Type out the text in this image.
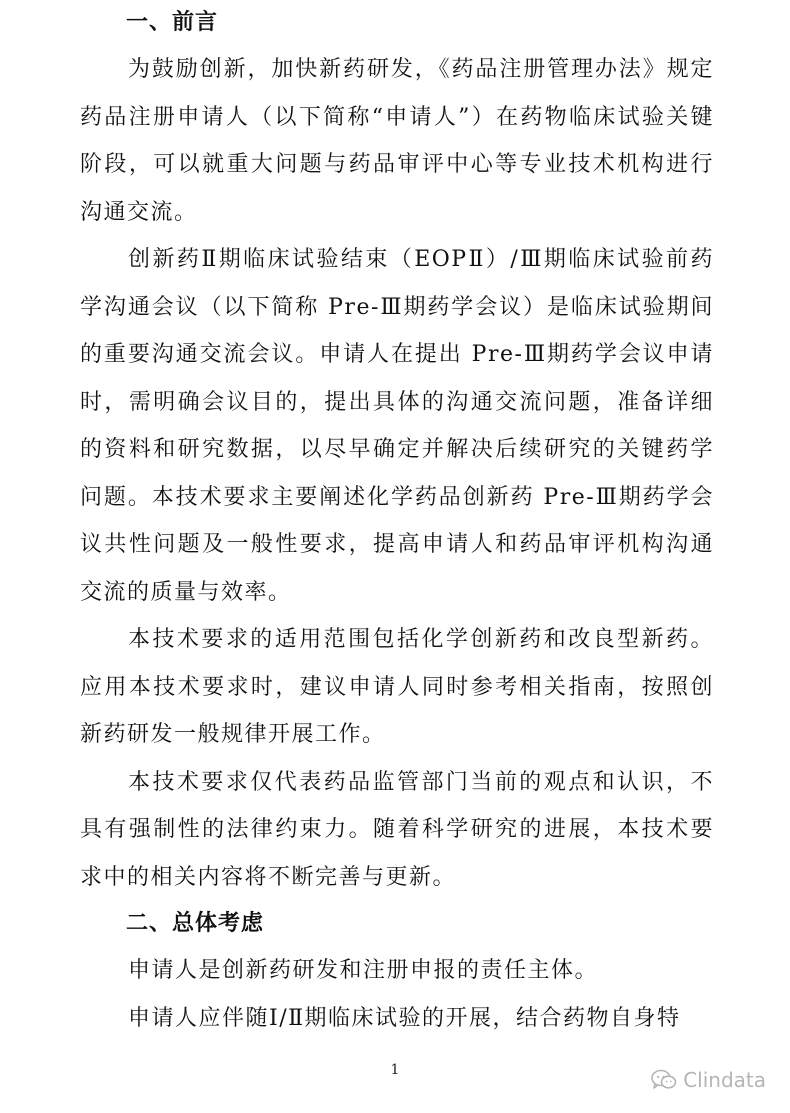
一、前言

为鼓励创新，加快新药研发，《药品注册管理办法》规定药品注册申请人（以下简称“申请人”）在药物临床试验关键阶段，可以就重大问题与药品审评中心等专业技术机构进行沟通交流。

创新药Ⅱ期临床试验结束（EOPⅡ）/Ⅲ期临床试验前药学沟通会议（以下简称 Pre-Ⅲ期药学会议）是临床试验期间的重要沟通交流会议。申请人在提出 Pre-Ⅲ期药学会议申请时，需明确会议目的，提出具体的沟通交流问题，准备详细的资料和研究数据，以尽早确定并解决后续研究的关键药学问题。本技术要求主要阐述化学药品创新药 Pre-Ⅲ期药学会议共性问题及一般性要求，提高申请人和药品审评机构沟通交流的质量与效率。

本技术要求的适用范围包括化学创新药和改良型新药。应用本技术要求时，建议申请人同时参考相关指南，按照创新药研发一般规律开展工作。

本技术要求仅代表药品监管部门当前的观点和认识，不具有强制性的法律约束力。随着科学研究的进展，本技术要求中的相关内容将不断完善与更新。

二、总体考虑

申请人是创新药研发和注册申报的责任主体。

申请人应伴随Ⅰ/Ⅱ期临床试验的开展，结合药物自身特

1	Clindata
